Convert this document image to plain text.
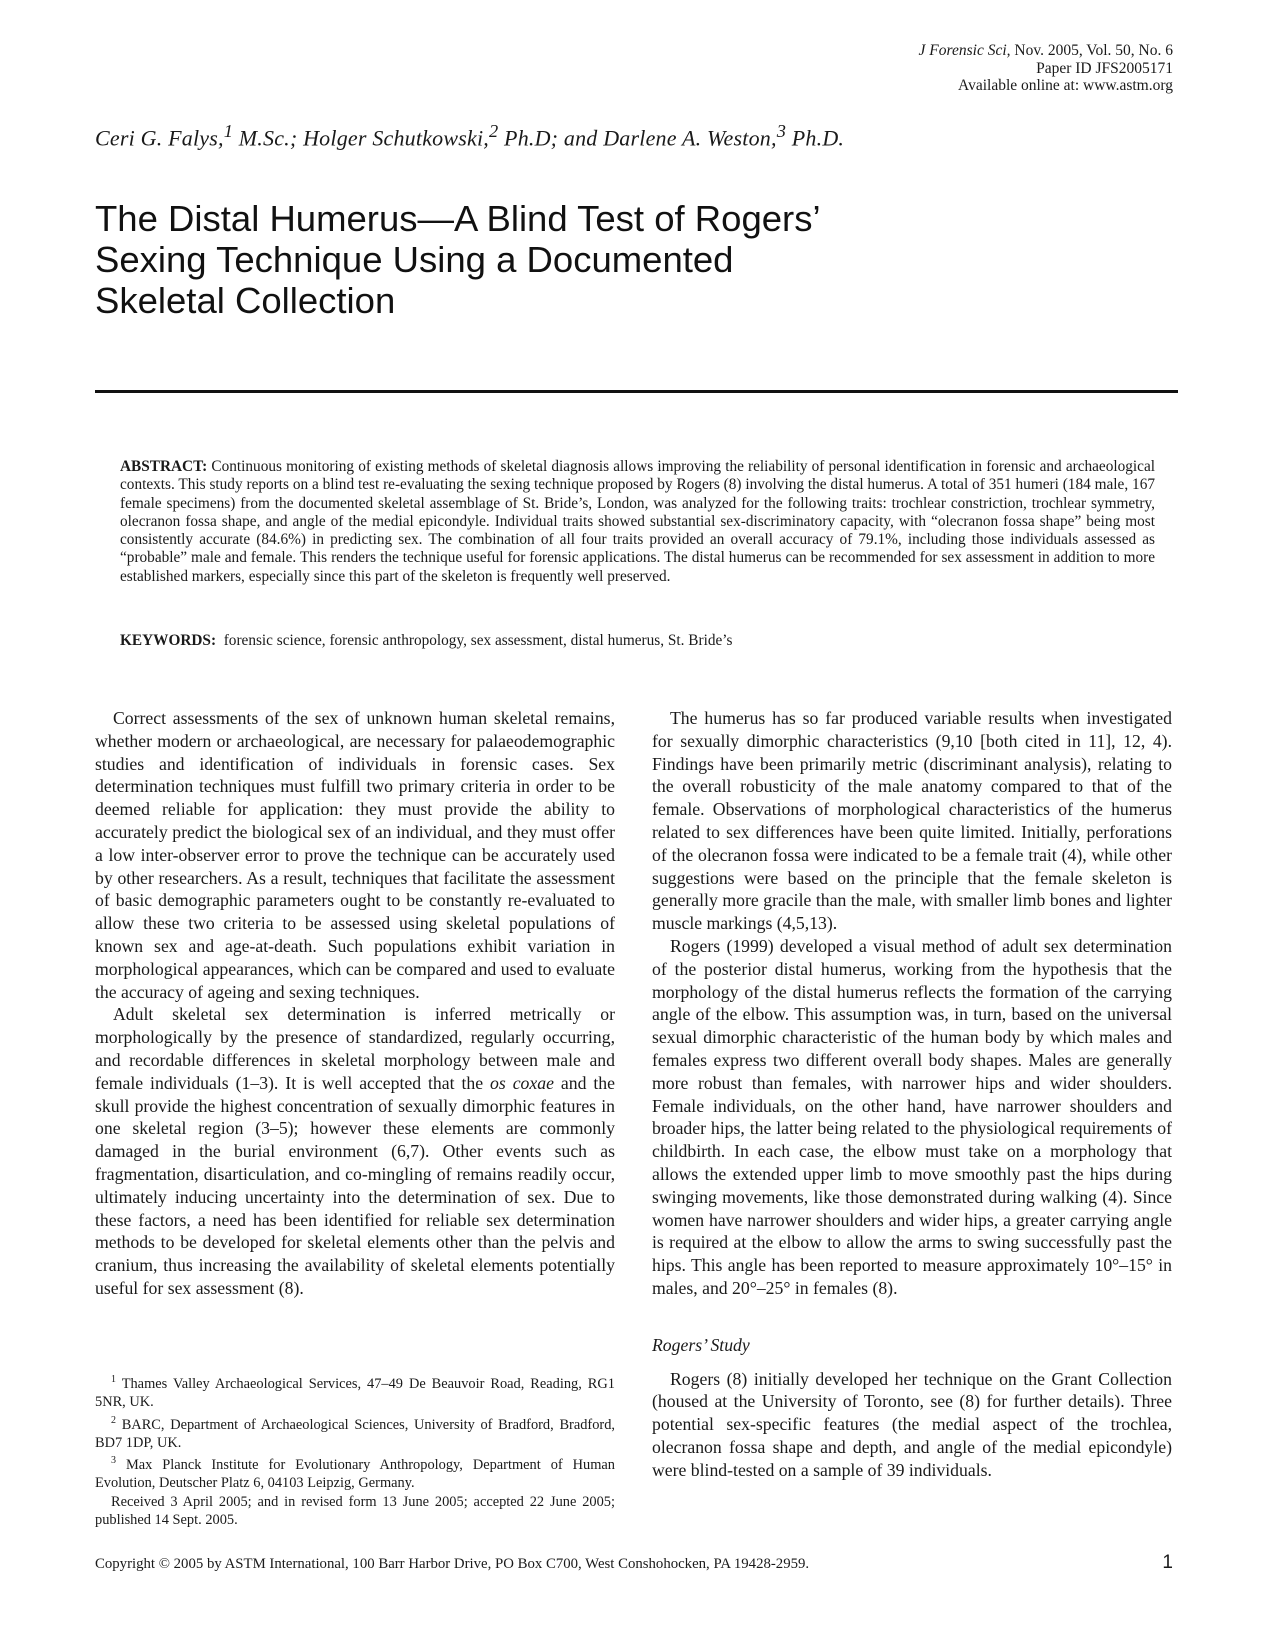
J Forensic Sci, Nov. 2005, Vol. 50, No. 6
Paper ID JFS2005171
Available online at: www.astm.org
Ceri G. Falys,$^1$ M.Sc.; Holger Schutkowski,$^2$ Ph.D; and Darlene A. Weston,$^3$ Ph.D.
The Distal Humerus—A Blind Test of Rogers’
Sexing Technique Using a Documented
Skeletal Collection
ABSTRACT: Continuous monitoring of existing methods of skeletal diagnosis allows improving the reliability of personal identification in forensic and archaeological contexts. This study reports on a blind test re-evaluating the sexing technique proposed by Rogers (8) involving the distal humerus. A total of 351 humeri (184 male, 167 female specimens) from the documented skeletal assemblage of St. Bride’s, London, was analyzed for the following traits: trochlear constriction, trochlear symmetry, olecranon fossa shape, and angle of the medial epicondyle. Individual traits showed substantial sex-discriminatory capacity, with “olecranon fossa shape” being most consistently accurate (84.6%) in predicting sex. The combination of all four traits provided an overall accuracy of 79.1%, including those individuals assessed as “probable” male and female. This renders the technique useful for forensic applications. The distal humerus can be recommended for sex assessment in addition to more established markers, especially since this part of the skeleton is frequently well preserved.
KEYWORDS:  forensic science, forensic anthropology, sex assessment, distal humerus, St. Bride’s

Correct assessments of the sex of unknown human skeletal remains, whether modern or archaeological, are necessary for palaeodemographic studies and identification of individuals in forensic cases. Sex determination techniques must fulfill two primary criteria in order to be deemed reliable for application: they must provide the ability to accurately predict the biological sex of an individual, and they must offer a low inter-observer error to prove the technique can be accurately used by other researchers. As a result, techniques that facilitate the assessment of basic demographic parameters ought to be constantly re-evaluated to allow these two criteria to be assessed using skeletal populations of known sex and age-at-death. Such populations exhibit variation in morphological appearances, which can be compared and used to evaluate the accuracy of ageing and sexing techniques.

Adult skeletal sex determination is inferred metrically or morphologically by the presence of standardized, regularly occurring, and recordable differences in skeletal morphology between male and female individuals (1–3). It is well accepted that the os coxae and the skull provide the highest concentration of sexually dimorphic features in one skeletal region (3–5); however these elements are commonly damaged in the burial environment (6,7). Other events such as fragmentation, disarticulation, and co-mingling of remains readily occur, ultimately inducing uncertainty into the determination of sex. Due to these factors, a need has been identified for reliable sex determination methods to be developed for skeletal elements other than the pelvis and cranium, thus increasing the availability of skeletal elements potentially useful for sex assessment (8).

The humerus has so far produced variable results when investigated for sexually dimorphic characteristics (9,10 [both cited in 11], 12, 4). Findings have been primarily metric (discriminant analysis), relating to the overall robusticity of the male anatomy compared to that of the female. Observations of morphological characteristics of the humerus related to sex differences have been quite limited. Initially, perforations of the olecranon fossa were indicated to be a female trait (4), while other suggestions were based on the principle that the female skeleton is generally more gracile than the male, with smaller limb bones and lighter muscle markings (4,5,13).

Rogers (1999) developed a visual method of adult sex determination of the posterior distal humerus, working from the hypothesis that the morphology of the distal humerus reflects the formation of the carrying angle of the elbow. This assumption was, in turn, based on the universal sexual dimorphic characteristic of the human body by which males and females express two different overall body shapes. Males are generally more robust than females, with narrower hips and wider shoulders. Female individuals, on the other hand, have narrower shoulders and broader hips, the latter being related to the physiological requirements of childbirth. In each case, the elbow must take on a morphology that allows the extended upper limb to move smoothly past the hips during swinging movements, like those demonstrated during walking (4). Since women have narrower shoulders and wider hips, a greater carrying angle is required at the elbow to allow the arms to swing successfully past the hips. This angle has been reported to measure approximately 10°–15° in males, and 20°–25° in females (8).

Rogers’ Study

Rogers (8) initially developed her technique on the Grant Collection (housed at the University of Toronto, see (8) for further details). Three potential sex-specific features (the medial aspect of the trochlea, olecranon fossa shape and depth, and angle of the medial epicondyle) were blind-tested on a sample of 39 individuals.

$^1$ Thames Valley Archaeological Services, 47–49 De Beauvoir Road, Reading, RG1 5NR, UK.

$^2$ BARC, Department of Archaeological Sciences, University of Bradford, Bradford, BD7 1DP, UK.

$^3$ Max Planck Institute for Evolutionary Anthropology, Department of Human Evolution, Deutscher Platz 6, 04103 Leipzig, Germany.

Received 3 April 2005; and in revised form 13 June 2005; accepted 22 June 2005; published 14 Sept. 2005.

Copyright © 2005 by ASTM International, 100 Barr Harbor Drive, PO Box C700, West Conshohocken, PA 19428-2959.	1
